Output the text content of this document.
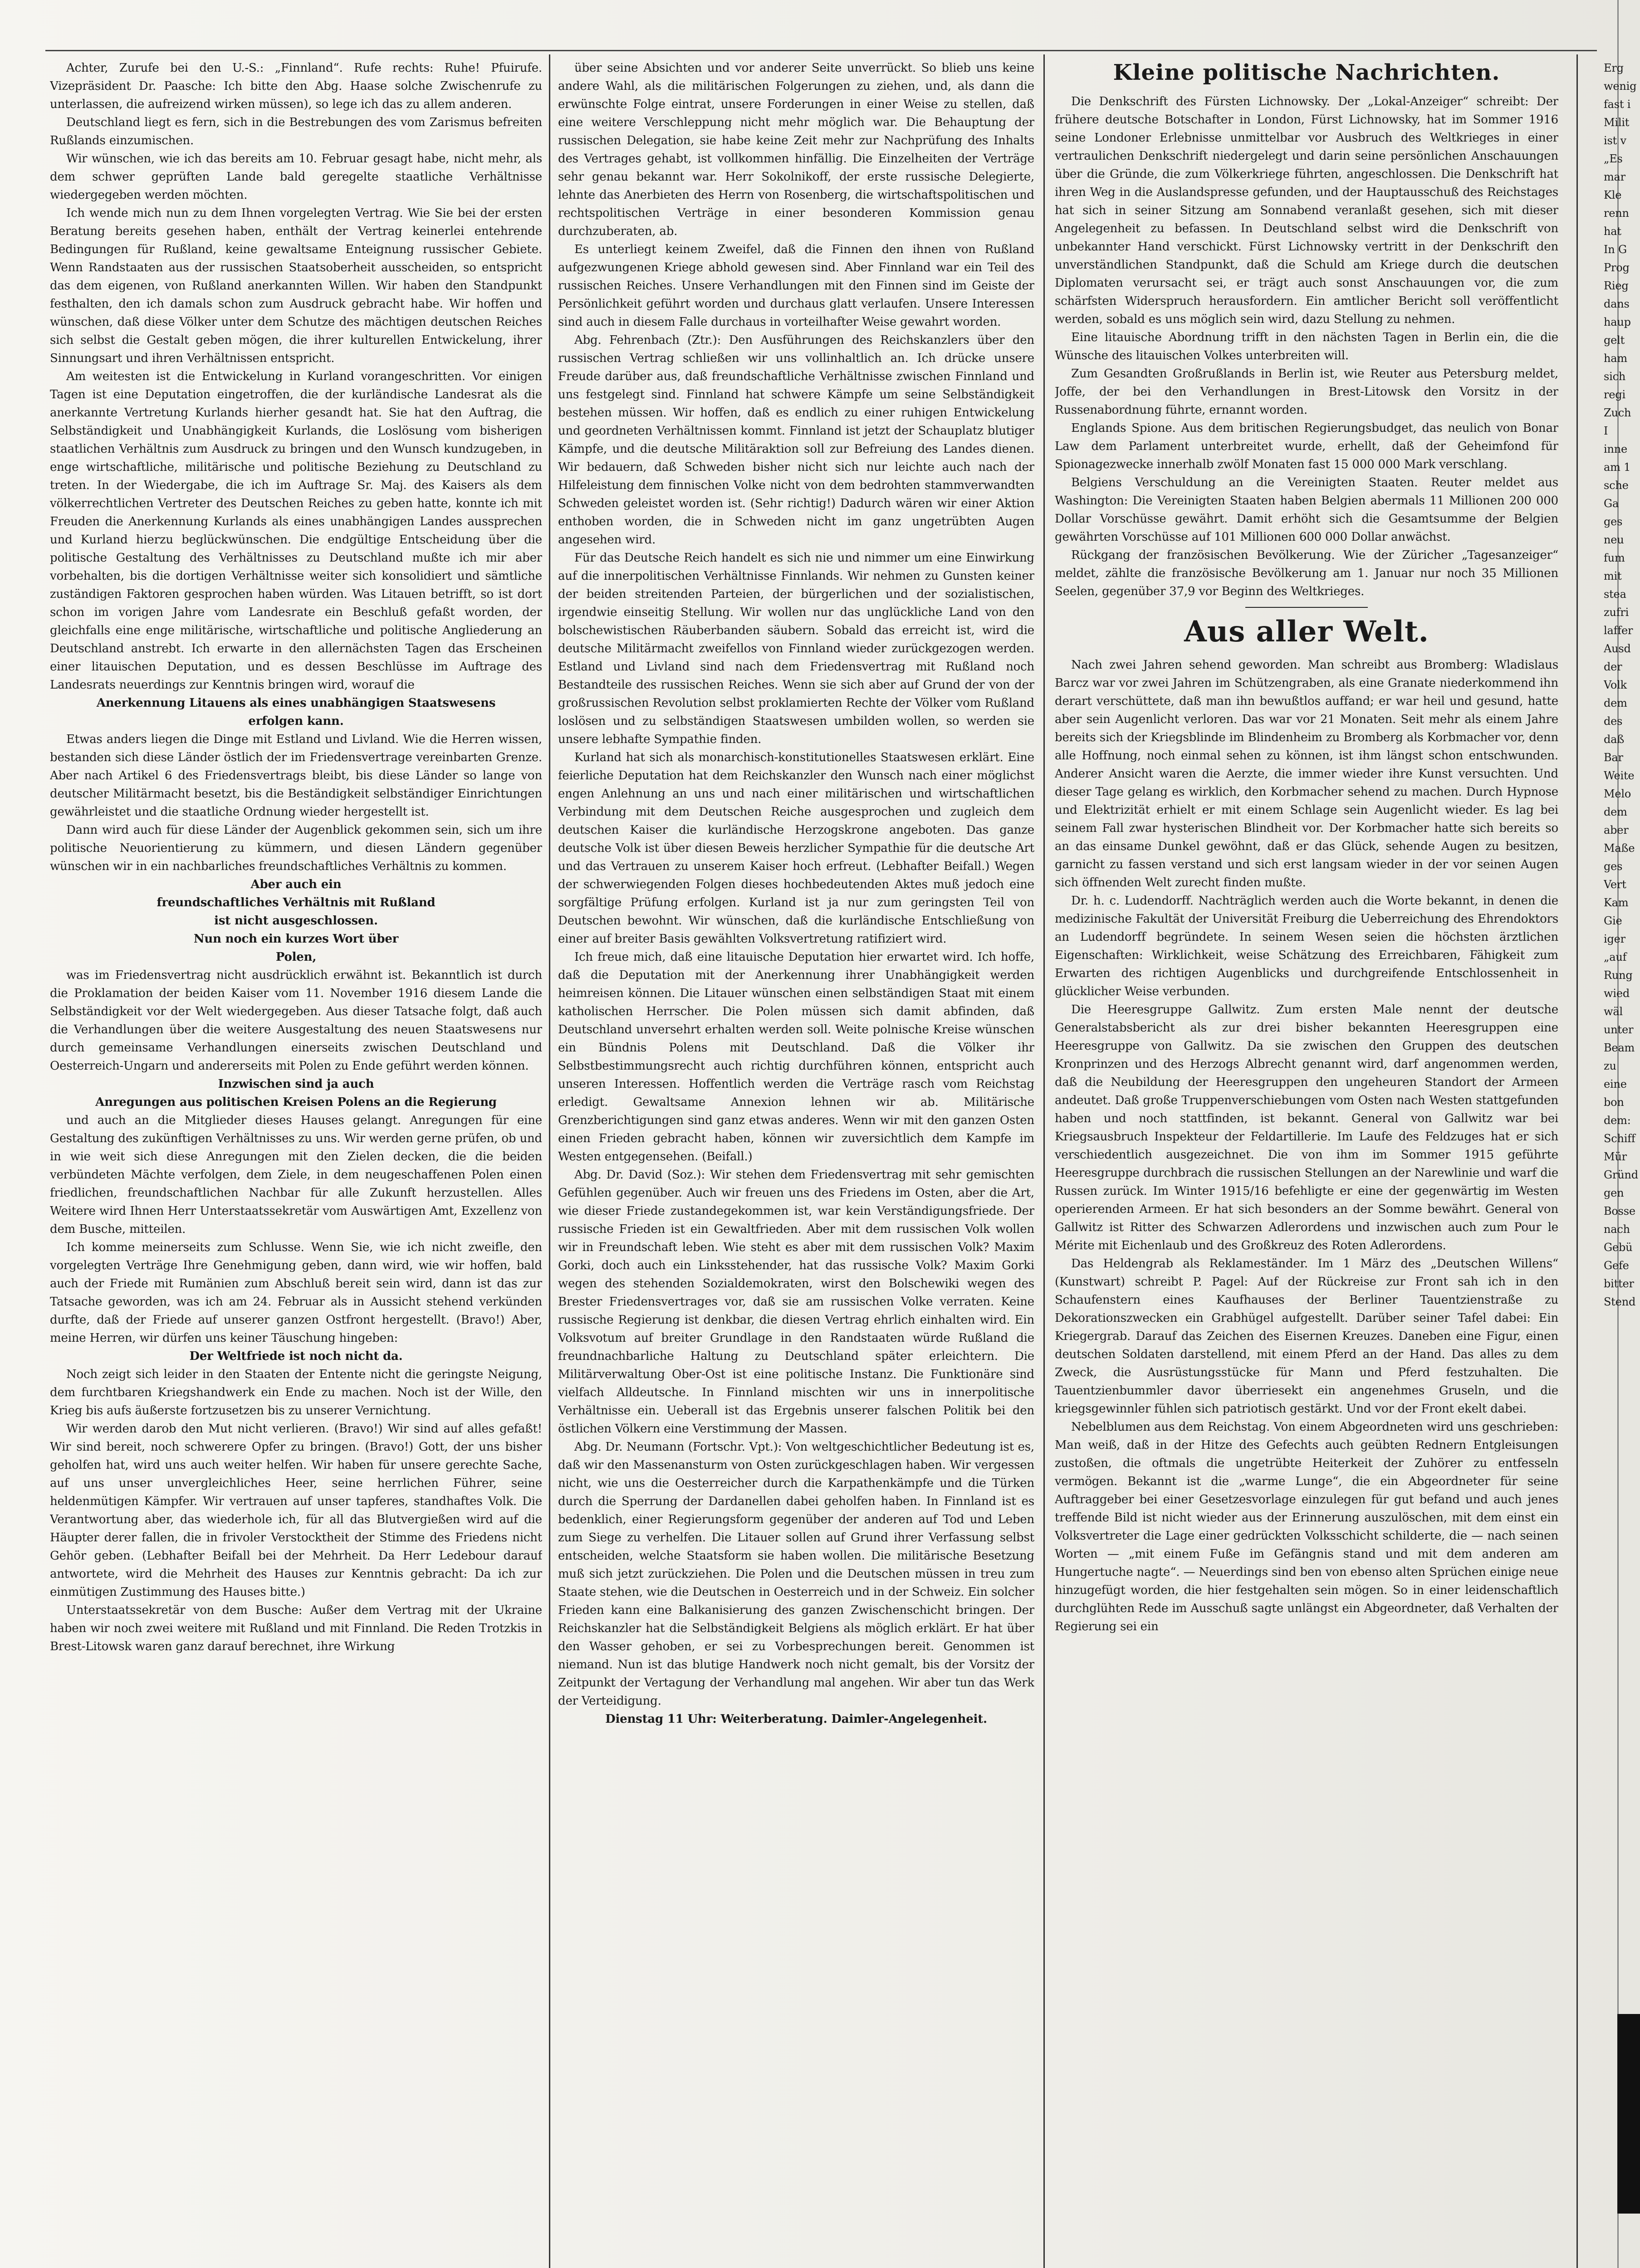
Achter, Zurufe bei den U.-S.: „Finnland“. Rufe rechts: Ruhe! Pfuirufe. Vizepräsident Dr. Paasche: Ich bitte den Abg. Haase solche Zwischenrufe zu unterlassen, die aufreizend wirken müssen), so lege ich das zu allem anderen.

Deutschland liegt es fern, sich in die Bestrebungen des vom Zarismus befreiten Rußlands einzumischen.

Wir wünschen, wie ich das bereits am 10. Februar gesagt habe, nicht mehr, als dem schwer geprüften Lande bald geregelte staatliche Verhältnisse wiedergegeben werden möchten.

Ich wende mich nun zu dem Ihnen vorgelegten Vertrag. Wie Sie bei der ersten Beratung bereits gesehen haben, enthält der Vertrag keinerlei entehrende Bedingungen für Rußland, keine gewaltsame Enteignung russischer Gebiete. Wenn Randstaaten aus der russischen Staatsoberheit ausscheiden, so entspricht das dem eigenen, von Rußland anerkannten Willen. Wir haben den Standpunkt festhalten, den ich damals schon zum Ausdruck gebracht habe. Wir hoffen und wünschen, daß diese Völker unter dem Schutze des mächtigen deutschen Reiches sich selbst die Gestalt geben mögen, die ihrer kulturellen Entwickelung, ihrer Sinnungsart und ihren Verhältnissen entspricht.

Am weitesten ist die Entwickelung in Kurland vorangeschritten. Vor einigen Tagen ist eine Deputation eingetroffen, die der kurländische Landesrat als die anerkannte Vertretung Kurlands hierher gesandt hat. Sie hat den Auftrag, die Selbständigkeit und Unabhängigkeit Kurlands, die Loslösung vom bisherigen staatlichen Verhältnis zum Ausdruck zu bringen und den Wunsch kundzugeben, in enge wirtschaftliche, militärische und politische Beziehung zu Deutschland zu treten. In der Wiedergabe, die ich im Auftrage Sr. Maj. des Kaisers als dem völkerrechtlichen Vertreter des Deutschen Reiches zu geben hatte, konnte ich mit Freuden die Anerkennung Kurlands als eines unabhängigen Landes aussprechen und Kurland hierzu beglückwünschen. Die endgültige Entscheidung über die politische Gestaltung des Verhältnisses zu Deutschland mußte ich mir aber vorbehalten, bis die dortigen Verhältnisse weiter sich konsolidiert und sämtliche zuständigen Faktoren gesprochen haben würden. Was Litauen betrifft, so ist dort schon im vorigen Jahre vom Landesrate ein Beschluß gefaßt worden, der gleichfalls eine enge militärische, wirtschaftliche und politische Angliederung an Deutschland anstrebt. Ich erwarte in den allernächsten Tagen das Erscheinen einer litauischen Deputation, und es dessen Beschlüsse im Auftrage des Landesrats neuerdings zur Kenntnis bringen wird, worauf die

Anerkennung Litauens als eines unabhängigen Staatswesens

erfolgen kann.

Etwas anders liegen die Dinge mit Estland und Livland. Wie die Herren wissen, bestanden sich diese Länder östlich der im Friedensvertrage vereinbarten Grenze. Aber nach Artikel 6 des Friedensvertrags bleibt, bis diese Länder so lange von deutscher Militärmacht besetzt, bis die Beständigkeit selbständiger Einrichtungen gewährleistet und die staatliche Ordnung wieder hergestellt ist.

Dann wird auch für diese Länder der Augenblick gekommen sein, sich um ihre politische Neuorientierung zu kümmern, und diesen Ländern gegenüber wünschen wir in ein nachbarliches freundschaftliches Verhältnis zu kommen.

Aber auch ein

freundschaftliches Verhältnis mit Rußland

ist nicht ausgeschlossen.

Nun noch ein kurzes Wort über

Polen,

was im Friedensvertrag nicht ausdrücklich erwähnt ist. Bekanntlich ist durch die Proklamation der beiden Kaiser vom 11. November 1916 diesem Lande die Selbständigkeit vor der Welt wiedergegeben. Aus dieser Tatsache folgt, daß auch die Verhandlungen über die weitere Ausgestaltung des neuen Staatswesens nur durch gemeinsame Verhandlungen einerseits zwischen Deutschland und Oesterreich-Ungarn und andererseits mit Polen zu Ende geführt werden können.

Inzwischen sind ja auch

Anregungen aus politischen Kreisen Polens an die Regierung

und auch an die Mitglieder dieses Hauses gelangt. Anregungen für eine Gestaltung des zukünftigen Verhältnisses zu uns. Wir werden gerne prüfen, ob und in wie weit sich diese Anregungen mit den Zielen decken, die die beiden verbündeten Mächte verfolgen, dem Ziele, in dem neugeschaffenen Polen einen friedlichen, freundschaftlichen Nachbar für alle Zukunft herzustellen. Alles Weitere wird Ihnen Herr Unterstaatssekretär vom Auswärtigen Amt, Exzellenz von dem Busche, mitteilen.

Ich komme meinerseits zum Schlusse. Wenn Sie, wie ich nicht zweifle, den vorgelegten Verträge Ihre Genehmigung geben, dann wird, wie wir hoffen, bald auch der Friede mit Rumänien zum Abschluß bereit sein wird, dann ist das zur Tatsache geworden, was ich am 24. Februar als in Aussicht stehend verkünden durfte, daß der Friede auf unserer ganzen Ostfront hergestellt. (Bravo!) Aber, meine Herren, wir dürfen uns keiner Täuschung hingeben:

Der Weltfriede ist noch nicht da.

Noch zeigt sich leider in den Staaten der Entente nicht die geringste Neigung, dem furchtbaren Kriegshandwerk ein Ende zu machen. Noch ist der Wille, den Krieg bis aufs äußerste fortzusetzen bis zu unserer Vernichtung.

Wir werden darob den Mut nicht verlieren. (Bravo!) Wir sind auf alles gefaßt! Wir sind bereit, noch schwerere Opfer zu bringen. (Bravo!) Gott, der uns bisher geholfen hat, wird uns auch weiter helfen. Wir haben für unsere gerechte Sache, auf uns unser unvergleichliches Heer, seine herrlichen Führer, seine heldenmütigen Kämpfer. Wir vertrauen auf unser tapferes, standhaftes Volk. Die Verantwortung aber, das wiederhole ich, für all das Blutvergießen wird auf die Häupter derer fallen, die in frivoler Verstocktheit der Stimme des Friedens nicht Gehör geben. (Lebhafter Beifall bei der Mehrheit. Da Herr Ledebour darauf antwortete, wird die Mehrheit des Hauses zur Kenntnis gebracht: Da ich zur einmütigen Zustimmung des Hauses bitte.)

Unterstaatssekretär von dem Busche: Außer dem Vertrag mit der Ukraine haben wir noch zwei weitere mit Rußland und mit Finnland. Die Reden Trotzkis in Brest-Litowsk waren ganz darauf berechnet, ihre Wirkung

über seine Absichten und vor anderer Seite unverrückt. So blieb uns keine andere Wahl, als die militärischen Folgerungen zu ziehen, und, als dann die erwünschte Folge eintrat, unsere Forderungen in einer Weise zu stellen, daß eine weitere Verschleppung nicht mehr möglich war. Die Behauptung der russischen Delegation, sie habe keine Zeit mehr zur Nachprüfung des Inhalts des Vertrages gehabt, ist vollkommen hinfällig. Die Einzelheiten der Verträge sehr genau bekannt war. Herr Sokolnikoff, der erste russische Delegierte, lehnte das Anerbieten des Herrn von Rosenberg, die wirtschaftspolitischen und rechtspolitischen Verträge in einer besonderen Kommission genau durchzuberaten, ab.

Es unterliegt keinem Zweifel, daß die Finnen den ihnen von Rußland aufgezwungenen Kriege abhold gewesen sind. Aber Finnland war ein Teil des russischen Reiches. Unsere Verhandlungen mit den Finnen sind im Geiste der Persönlichkeit geführt worden und durchaus glatt verlaufen. Unsere Interessen sind auch in diesem Falle durchaus in vorteilhafter Weise gewahrt worden.

Abg. Fehrenbach (Ztr.): Den Ausführungen des Reichskanzlers über den russischen Vertrag schließen wir uns vollinhaltlich an. Ich drücke unsere Freude darüber aus, daß freundschaftliche Verhältnisse zwischen Finnland und uns festgelegt sind. Finnland hat schwere Kämpfe um seine Selbständigkeit bestehen müssen. Wir hoffen, daß es endlich zu einer ruhigen Entwickelung und geordneten Verhältnissen kommt. Finnland ist jetzt der Schauplatz blutiger Kämpfe, und die deutsche Militäraktion soll zur Befreiung des Landes dienen. Wir bedauern, daß Schweden bisher nicht sich nur leichte auch nach der Hilfeleistung dem finnischen Volke nicht von dem bedrohten stammverwandten Schweden geleistet worden ist. (Sehr richtig!) Dadurch wären wir einer Aktion enthoben worden, die in Schweden nicht im ganz ungetrübten Augen angesehen wird.

Für das Deutsche Reich handelt es sich nie und nimmer um eine Einwirkung auf die innerpolitischen Verhältnisse Finnlands. Wir nehmen zu Gunsten keiner der beiden streitenden Parteien, der bürgerlichen und der sozialistischen, irgendwie einseitig Stellung. Wir wollen nur das unglückliche Land von den bolschewistischen Räuberbanden säubern. Sobald das erreicht ist, wird die deutsche Militärmacht zweifellos von Finnland wieder zurückgezogen werden. Estland und Livland sind nach dem Friedensvertrag mit Rußland noch Bestandteile des russischen Reiches. Wenn sie sich aber auf Grund der von der großrussischen Revolution selbst proklamierten Rechte der Völker vom Rußland loslösen und zu selbständigen Staatswesen umbilden wollen, so werden sie unsere lebhafte Sympathie finden.

Kurland hat sich als monarchisch-konstitutionelles Staatswesen erklärt. Eine feierliche Deputation hat dem Reichskanzler den Wunsch nach einer möglichst engen Anlehnung an uns und nach einer militärischen und wirtschaftlichen Verbindung mit dem Deutschen Reiche ausgesprochen und zugleich dem deutschen Kaiser die kurländische Herzogskrone angeboten. Das ganze deutsche Volk ist über diesen Beweis herzlicher Sympathie für die deutsche Art und das Vertrauen zu unserem Kaiser hoch erfreut. (Lebhafter Beifall.) Wegen der schwerwiegenden Folgen dieses hochbedeutenden Aktes muß jedoch eine sorgfältige Prüfung erfolgen. Kurland ist ja nur zum geringsten Teil von Deutschen bewohnt. Wir wünschen, daß die kurländische Entschließung von einer auf breiter Basis gewählten Volksvertretung ratifiziert wird.

Ich freue mich, daß eine litauische Deputation hier erwartet wird. Ich hoffe, daß die Deputation mit der Anerkennung ihrer Unabhängigkeit werden heimreisen können. Die Litauer wünschen einen selbständigen Staat mit einem katholischen Herrscher. Die Polen müssen sich damit abfinden, daß Deutschland unversehrt erhalten werden soll. Weite polnische Kreise wünschen ein Bündnis Polens mit Deutschland. Daß die Völker ihr Selbstbestimmungsrecht auch richtig durchführen können, entspricht auch unseren Interessen. Hoffentlich werden die Verträge rasch vom Reichstag erledigt. Gewaltsame Annexion lehnen wir ab. Militärische Grenzberichtigungen sind ganz etwas anderes. Wenn wir mit den ganzen Osten einen Frieden gebracht haben, können wir zuversichtlich dem Kampfe im Westen entgegensehen. (Beifall.)

Abg. Dr. David (Soz.): Wir stehen dem Friedensvertrag mit sehr gemischten Gefühlen gegenüber. Auch wir freuen uns des Friedens im Osten, aber die Art, wie dieser Friede zustandegekommen ist, war kein Verständigungsfriede. Der russische Frieden ist ein Gewaltfrieden. Aber mit dem russischen Volk wollen wir in Freundschaft leben. Wie steht es aber mit dem russischen Volk? Maxim Gorki, doch auch ein Linksstehender, hat das russische Volk? Maxim Gorki wegen des stehenden Sozialdemokraten, wirst den Bolschewiki wegen des Brester Friedensvertrages vor, daß sie am russischen Volke verraten. Keine russische Regierung ist denkbar, die diesen Vertrag ehrlich einhalten wird. Ein Volksvotum auf breiter Grundlage in den Randstaaten würde Rußland die freundnachbarliche Haltung zu Deutschland später erleichtern. Die Militärverwaltung Ober-Ost ist eine politische Instanz. Die Funktionäre sind vielfach Alldeutsche. In Finnland mischten wir uns in innerpolitische Verhältnisse ein. Ueberall ist das Ergebnis unserer falschen Politik bei den östlichen Völkern eine Verstimmung der Massen.

Abg. Dr. Neumann (Fortschr. Vpt.): Von weltgeschichtlicher Bedeutung ist es, daß wir den Massenansturm von Osten zurückgeschlagen haben. Wir vergessen nicht, wie uns die Oesterreicher durch die Karpathenkämpfe und die Türken durch die Sperrung der Dardanellen dabei geholfen haben. In Finnland ist es bedenklich, einer Regierungsform gegenüber der anderen auf Tod und Leben zum Siege zu verhelfen. Die Litauer sollen auf Grund ihrer Verfassung selbst entscheiden, welche Staatsform sie haben wollen. Die militärische Besetzung muß sich jetzt zurückziehen. Die Polen und die Deutschen müssen in treu zum Staate stehen, wie die Deutschen in Oesterreich und in der Schweiz. Ein solcher Frieden kann eine Balkanisierung des ganzen Zwischenschicht bringen. Der Reichskanzler hat die Selbständigkeit Belgiens als möglich erklärt. Er hat über den Wasser gehoben, er sei zu Vorbesprechungen bereit. Genommen ist niemand. Nun ist das blutige Handwerk noch nicht gemalt, bis der Vorsitz der Zeitpunkt der Vertagung der Verhandlung mal angehen. Wir aber tun das Werk der Verteidigung.

Dienstag 11 Uhr: Weiterberatung. Daimler-Angelegenheit.

Kleine politische Nachrichten.

Die Denkschrift des Fürsten Lichnowsky. Der „Lokal-Anzeiger“ schreibt: Der frühere deutsche Botschafter in London, Fürst Lichnowsky, hat im Sommer 1916 seine Londoner Erlebnisse unmittelbar vor Ausbruch des Weltkrieges in einer vertraulichen Denkschrift niedergelegt und darin seine persönlichen Anschauungen über die Gründe, die zum Völkerkriege führten, angeschlossen. Die Denkschrift hat ihren Weg in die Auslandspresse gefunden, und der Hauptausschuß des Reichstages hat sich in seiner Sitzung am Sonnabend veranlaßt gesehen, sich mit dieser Angelegenheit zu befassen. In Deutschland selbst wird die Denkschrift von unbekannter Hand verschickt. Fürst Lichnowsky vertritt in der Denkschrift den unverständlichen Standpunkt, daß die Schuld am Kriege durch die deutschen Diplomaten verursacht sei, er trägt auch sonst Anschauungen vor, die zum schärfsten Widerspruch herausfordern. Ein amtlicher Bericht soll veröffentlicht werden, sobald es uns möglich sein wird, dazu Stellung zu nehmen.

Eine litauische Abordnung trifft in den nächsten Tagen in Berlin ein, die die Wünsche des litauischen Volkes unterbreiten will.

Zum Gesandten Großrußlands in Berlin ist, wie Reuter aus Petersburg meldet, Joffe, der bei den Verhandlungen in Brest-Litowsk den Vorsitz in der Russenabordnung führte, ernannt worden.

Englands Spione. Aus dem britischen Regierungsbudget, das neulich von Bonar Law dem Parlament unterbreitet wurde, erhellt, daß der Geheimfond für Spionagezwecke innerhalb zwölf Monaten fast 15 000 000 Mark verschlang.

Belgiens Verschuldung an die Vereinigten Staaten. Reuter meldet aus Washington: Die Vereinigten Staaten haben Belgien abermals 11 Millionen 200 000 Dollar Vorschüsse gewährt. Damit erhöht sich die Gesamtsumme der Belgien gewährten Vorschüsse auf 101 Millionen 600 000 Dollar anwächst.

Rückgang der französischen Bevölkerung. Wie der Züricher „Tagesanzeiger“ meldet, zählte die französische Bevölkerung am 1. Januar nur noch 35 Millionen Seelen, gegenüber 37,9 vor Beginn des Weltkrieges.

Aus aller Welt.

Nach zwei Jahren sehend geworden. Man schreibt aus Bromberg: Wladislaus Barcz war vor zwei Jahren im Schützengraben, als eine Granate niederkommend ihn derart verschüttete, daß man ihn bewußtlos auffand; er war heil und gesund, hatte aber sein Augenlicht verloren. Das war vor 21 Monaten. Seit mehr als einem Jahre bereits sich der Kriegsblinde im Blindenheim zu Bromberg als Korbmacher vor, denn alle Hoffnung, noch einmal sehen zu können, ist ihm längst schon entschwunden. Anderer Ansicht waren die Aerzte, die immer wieder ihre Kunst versuchten. Und dieser Tage gelang es wirklich, den Korbmacher sehend zu machen. Durch Hypnose und Elektrizität erhielt er mit einem Schlage sein Augenlicht wieder. Es lag bei seinem Fall zwar hysterischen Blindheit vor. Der Korbmacher hatte sich bereits so an das einsame Dunkel gewöhnt, daß er das Glück, sehende Augen zu besitzen, garnicht zu fassen verstand und sich erst langsam wieder in der vor seinen Augen sich öffnenden Welt zurecht finden mußte.

Dr. h. c. Ludendorff. Nachträglich werden auch die Worte bekannt, in denen die medizinische Fakultät der Universität Freiburg die Ueberreichung des Ehrendoktors an Ludendorff begründete. In seinem Wesen seien die höchsten ärztlichen Eigenschaften: Wirklichkeit, weise Schätzung des Erreichbaren, Fähigkeit zum Erwarten des richtigen Augenblicks und durchgreifende Entschlossenheit in glücklicher Weise verbunden.

Die Heeresgruppe Gallwitz. Zum ersten Male nennt der deutsche Generalstabsbericht als zur drei bisher bekannten Heeresgruppen eine Heeresgruppe von Gallwitz. Da sie zwischen den Gruppen des deutschen Kronprinzen und des Herzogs Albrecht genannt wird, darf angenommen werden, daß die Neubildung der Heeresgruppen den ungeheuren Standort der Armeen andeutet. Daß große Truppenverschiebungen vom Osten nach Westen stattgefunden haben und noch stattfinden, ist bekannt. General von Gallwitz war bei Kriegsausbruch Inspekteur der Feldartillerie. Im Laufe des Feldzuges hat er sich verschiedentlich ausgezeichnet. Die von ihm im Sommer 1915 geführte Heeresgruppe durchbrach die russischen Stellungen an der Narewlinie und warf die Russen zurück. Im Winter 1915/16 befehligte er eine der gegenwärtig im Westen operierenden Armeen. Er hat sich besonders an der Somme bewährt. General von Gallwitz ist Ritter des Schwarzen Adlerordens und inzwischen auch zum Pour le Mérite mit Eichenlaub und des Großkreuz des Roten Adlerordens.

Das Heldengrab als Reklameständer. Im 1 März des „Deutschen Willens“ (Kunstwart) schreibt P. Pagel: Auf der Rückreise zur Front sah ich in den Schaufenstern eines Kaufhauses der Berliner Tauentzienstraße zu Dekorationszwecken ein Grabhügel aufgestellt. Darüber seiner Tafel dabei: Ein Kriegergrab. Darauf das Zeichen des Eisernen Kreuzes. Daneben eine Figur, einen deutschen Soldaten darstellend, mit einem Pferd an der Hand. Das alles zu dem Zweck, die Ausrüstungsstücke für Mann und Pferd festzuhalten. Die Tauentzienbummler davor überriesekt ein angenehmes Gruseln, und die kriegsgewinnler fühlen sich patriotisch gestärkt. Und vor der Front ekelt dabei.

Nebelblumen aus dem Reichstag. Von einem Abgeordneten wird uns geschrieben: Man weiß, daß in der Hitze des Gefechts auch geübten Rednern Entgleisungen zustoßen, die oftmals die ungetrübte Heiterkeit der Zuhörer zu entfesseln vermögen. Bekannt ist die „warme Lunge“, die ein Abgeordneter für seine Auftraggeber bei einer Gesetzesvorlage einzulegen für gut befand und auch jenes treffende Bild ist nicht wieder aus der Erinnerung auszulöschen, mit dem einst ein Volksvertreter die Lage einer gedrückten Volksschicht schilderte, die — nach seinen Worten — „mit einem Fuße im Gefängnis stand und mit dem anderen am Hungertuche nagte“. — Neuerdings sind ben von ebenso alten Sprüchen einige neue hinzugefügt worden, die hier festgehalten sein mögen. So in einer leidenschaftlich durchglühten Rede im Ausschuß sagte unlängst ein Abgeordneter, daß Verhalten der Regierung sei ein

Erg
wenig
fast i
Milit
ist v
„Es
mar
Kle
renn
hat
In G
Prog
Rieg
dans
haup
gelt
ham
sich
regi
Zuch
I
inne
am 1
sche
Ga
ges
neu
fum
mit
stea
zufri
laffer
Ausd
der
Volk
dem
des
daß
Bar
Weite
Melo
dem
aber
Maße
ges
Vert
Kam
Gie
iger
„auf
Rung
wied
wäl
unter
Beam
zu
eine
bon
dem:
Schiff
Mür
Gründ
gen
Bosse
nach
Gebü
Gefe
bitter
Stend
